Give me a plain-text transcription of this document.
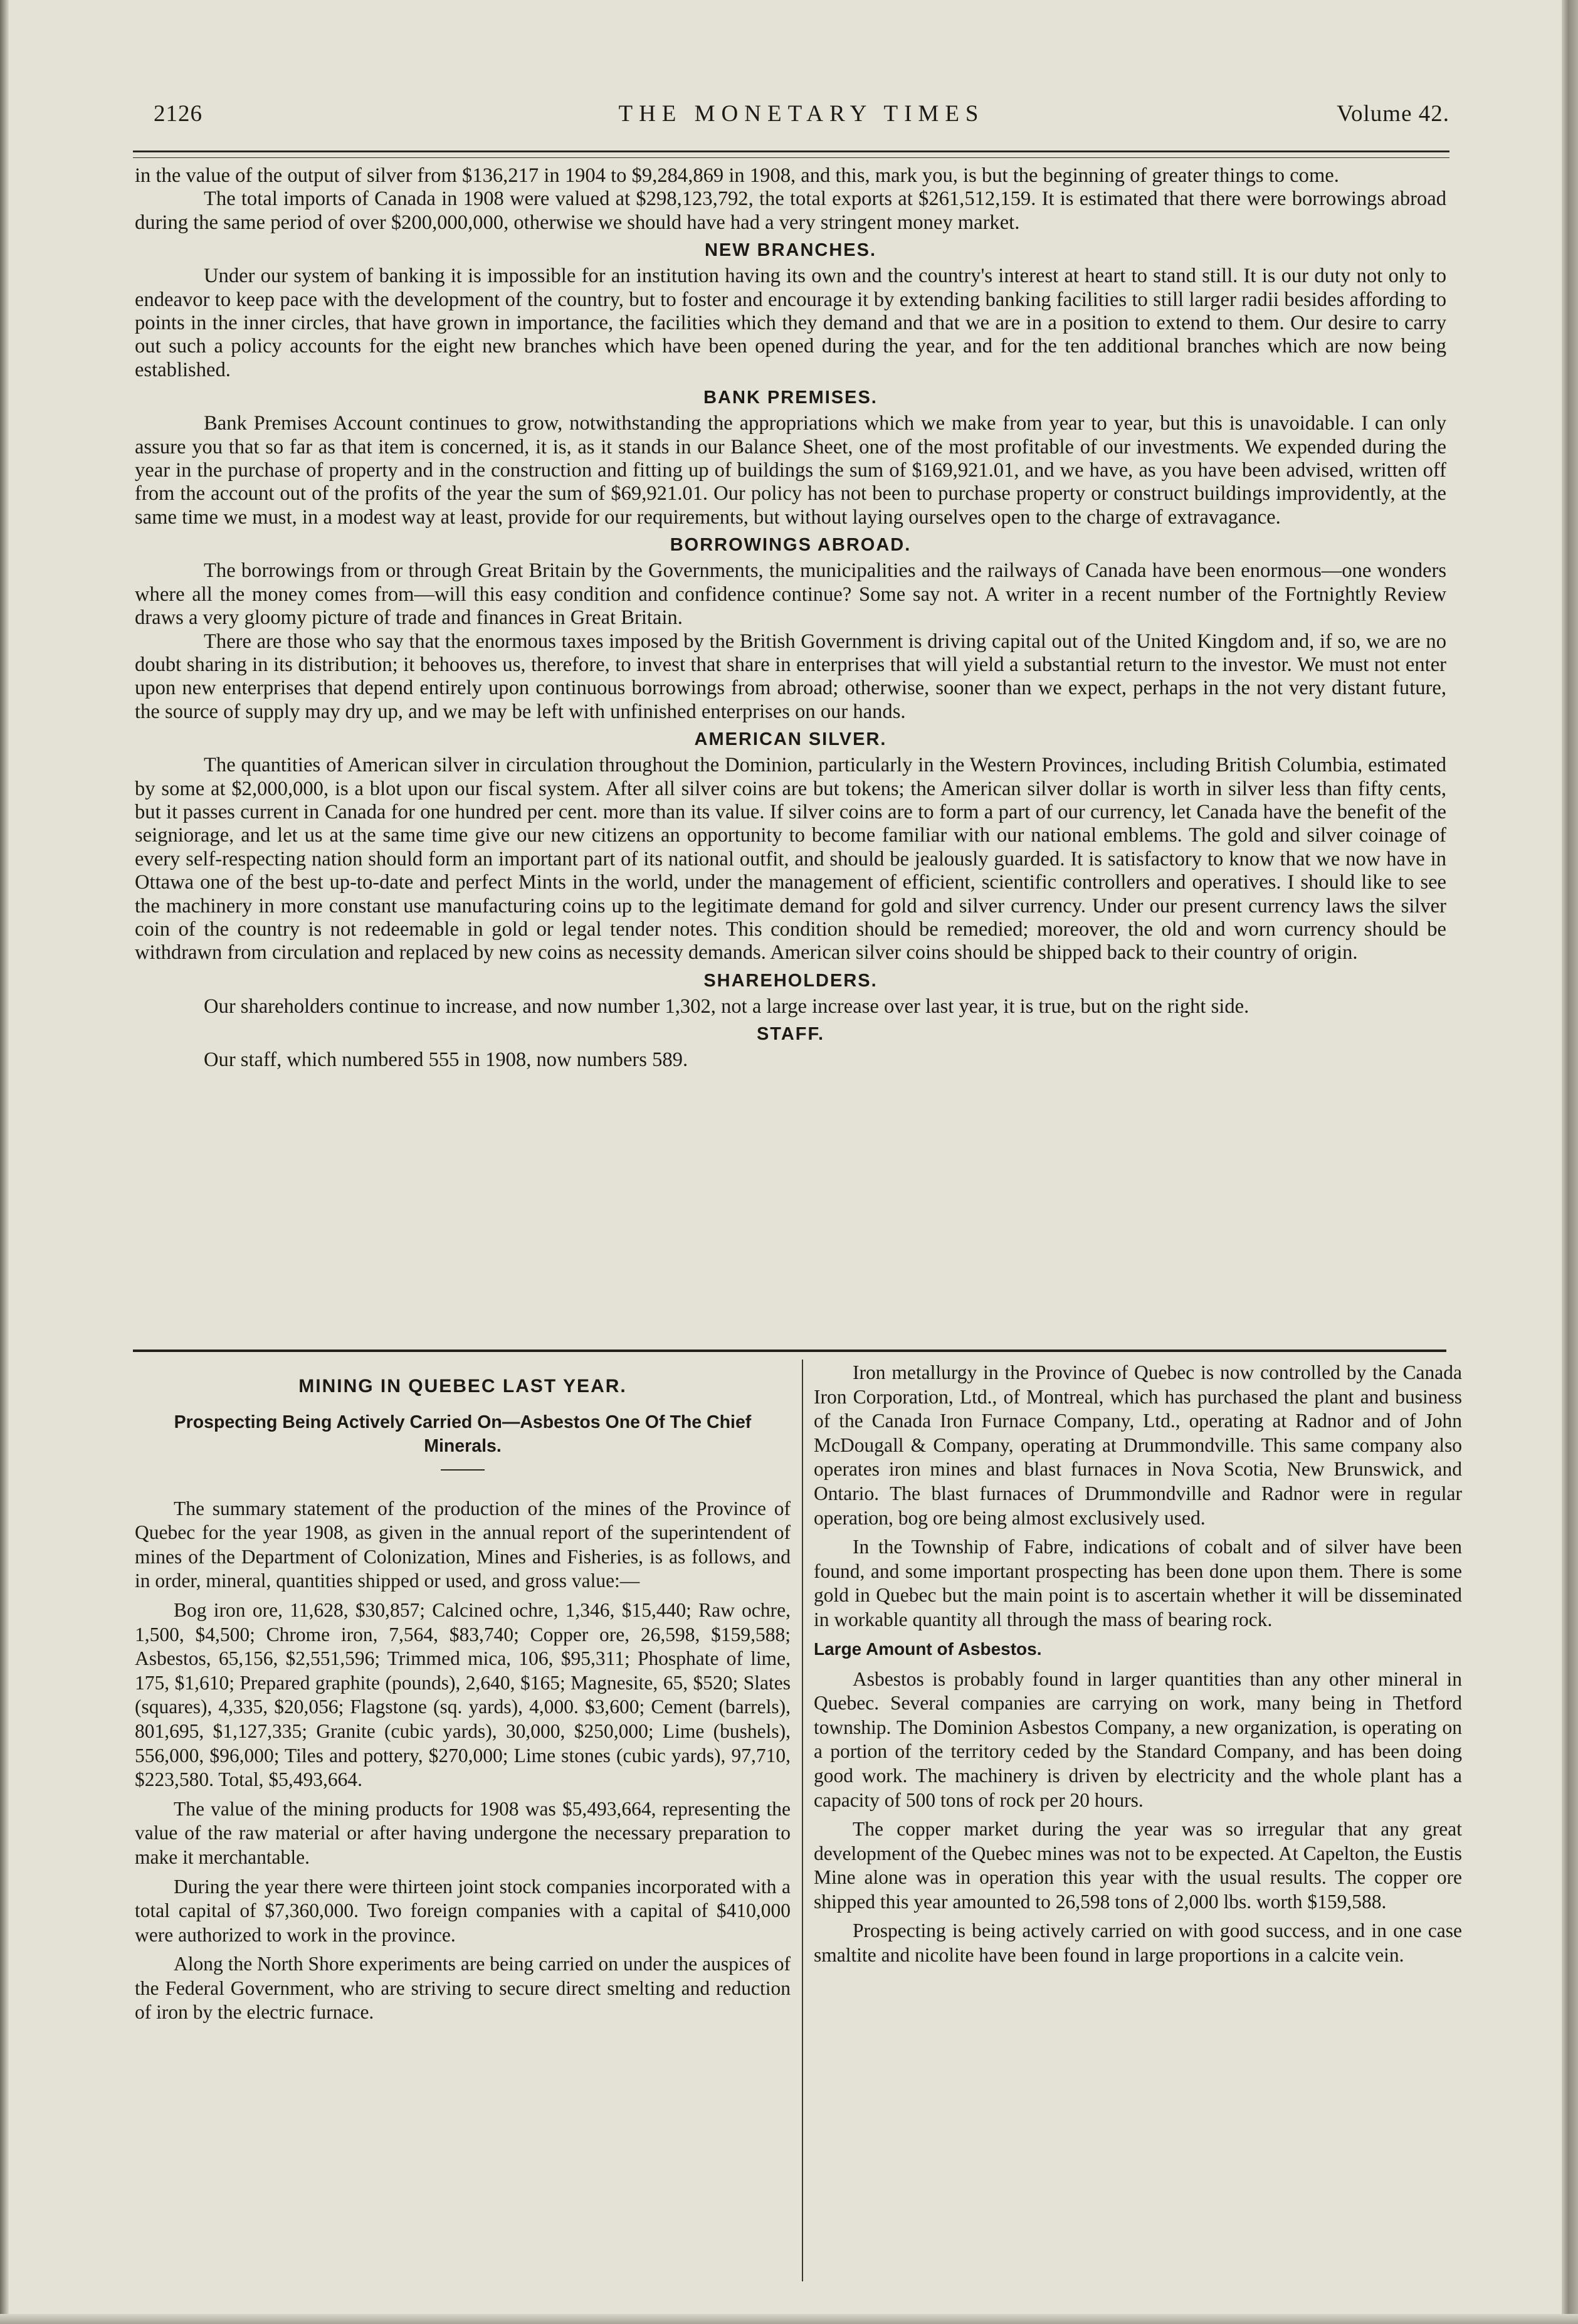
2126	THE MONETARY TIMES	Volume 42.

in the value of the output of silver from $136,217 in 1904 to $9,284,869 in 1908, and this, mark you, is but the beginning of greater things to come.

The total imports of Canada in 1908 were valued at $298,123,792, the total exports at $261,512,159. It is estimated that there were borrowings abroad during the same period of over $200,000,000, otherwise we should have had a very stringent money market.

NEW BRANCHES.

Under our system of banking it is impossible for an institution having its own and the country's interest at heart to stand still. It is our duty not only to endeavor to keep pace with the development of the country, but to foster and encourage it by extending banking facilities to still larger radii besides affording to points in the inner circles, that have grown in importance, the facilities which they demand and that we are in a position to extend to them. Our desire to carry out such a policy accounts for the eight new branches which have been opened during the year, and for the ten additional branches which are now being established.

BANK PREMISES.

Bank Premises Account continues to grow, notwithstanding the appropriations which we make from year to year, but this is unavoidable. I can only assure you that so far as that item is concerned, it is, as it stands in our Balance Sheet, one of the most profitable of our investments. We expended during the year in the purchase of property and in the construction and fitting up of buildings the sum of $169,921.01, and we have, as you have been advised, written off from the account out of the profits of the year the sum of $69,921.01. Our policy has not been to purchase property or construct buildings improvidently, at the same time we must, in a modest way at least, provide for our requirements, but without laying ourselves open to the charge of extravagance.

BORROWINGS ABROAD.

The borrowings from or through Great Britain by the Governments, the municipalities and the railways of Canada have been enormous—one wonders where all the money comes from—will this easy condition and confidence continue? Some say not. A writer in a recent number of the Fortnightly Review draws a very gloomy picture of trade and finances in Great Britain.

There are those who say that the enormous taxes imposed by the British Government is driving capital out of the United Kingdom and, if so, we are no doubt sharing in its distribution; it behooves us, therefore, to invest that share in enterprises that will yield a substantial return to the investor. We must not enter upon new enterprises that depend entirely upon continuous borrowings from abroad; otherwise, sooner than we expect, perhaps in the not very distant future, the source of supply may dry up, and we may be left with unfinished enterprises on our hands.

AMERICAN SILVER.

The quantities of American silver in circulation throughout the Dominion, particularly in the Western Provinces, including British Columbia, estimated by some at $2,000,000, is a blot upon our fiscal system. After all silver coins are but tokens; the American silver dollar is worth in silver less than fifty cents, but it passes current in Canada for one hundred per cent. more than its value. If silver coins are to form a part of our currency, let Canada have the benefit of the seigniorage, and let us at the same time give our new citizens an opportunity to become familiar with our national emblems. The gold and silver coinage of every self-respecting nation should form an important part of its national outfit, and should be jealously guarded. It is satisfactory to know that we now have in Ottawa one of the best up-to-date and perfect Mints in the world, under the management of efficient, scientific controllers and operatives. I should like to see the machinery in more constant use manufacturing coins up to the legitimate demand for gold and silver currency. Under our present currency laws the silver coin of the country is not redeemable in gold or legal tender notes. This condition should be remedied; moreover, the old and worn currency should be withdrawn from circulation and replaced by new coins as necessity demands. American silver coins should be shipped back to their country of origin.

SHAREHOLDERS.

Our shareholders continue to increase, and now number 1,302, not a large increase over last year, it is true, but on the right side.

STAFF.

Our staff, which numbered 555 in 1908, now numbers 589.

MINING IN QUEBEC LAST YEAR.
Prospecting Being Actively Carried On—Asbestos One Of The Chief Minerals.

The summary statement of the production of the mines of the Province of Quebec for the year 1908, as given in the annual report of the superintendent of mines of the Department of Colonization, Mines and Fisheries, is as follows, and in order, mineral, quantities shipped or used, and gross value:—

Bog iron ore, 11,628, $30,857; Calcined ochre, 1,346, $15,440; Raw ochre, 1,500, $4,500; Chrome iron, 7,564, $83,740; Copper ore, 26,598, $159,588; Asbestos, 65,156, $2,551,596; Trimmed mica, 106, $95,311; Phosphate of lime, 175, $1,610; Prepared graphite (pounds), 2,640, $165; Magnesite, 65, $520; Slates (squares), 4,335, $20,056; Flagstone (sq. yards), 4,000. $3,600; Cement (barrels), 801,695, $1,127,335; Granite (cubic yards), 30,000, $250,000; Lime (bushels), 556,000, $96,000; Tiles and pottery, $270,000; Lime stones (cubic yards), 97,710, $223,580. Total, $5,493,664.

The value of the mining products for 1908 was $5,493,664, representing the value of the raw material or after having undergone the necessary preparation to make it merchantable.

During the year there were thirteen joint stock companies incorporated with a total capital of $7,360,000. Two foreign companies with a capital of $410,000 were authorized to work in the province.

Along the North Shore experiments are being carried on under the auspices of the Federal Government, who are striving to secure direct smelting and reduction of iron by the electric furnace.

Iron metallurgy in the Province of Quebec is now controlled by the Canada Iron Corporation, Ltd., of Montreal, which has purchased the plant and business of the Canada Iron Furnace Company, Ltd., operating at Radnor and of John McDougall & Company, operating at Drummondville. This same company also operates iron mines and blast furnaces in Nova Scotia, New Brunswick, and Ontario. The blast furnaces of Drummondville and Radnor were in regular operation, bog ore being almost exclusively used.

In the Township of Fabre, indications of cobalt and of silver have been found, and some important prospecting has been done upon them. There is some gold in Quebec but the main point is to ascertain whether it will be disseminated in workable quantity all through the mass of bearing rock.

Large Amount of Asbestos.

Asbestos is probably found in larger quantities than any other mineral in Quebec. Several companies are carrying on work, many being in Thetford township. The Dominion Asbestos Company, a new organization, is operating on a portion of the territory ceded by the Standard Company, and has been doing good work. The machinery is driven by electricity and the whole plant has a capacity of 500 tons of rock per 20 hours.

The copper market during the year was so irregular that any great development of the Quebec mines was not to be expected. At Capelton, the Eustis Mine alone was in operation this year with the usual results. The copper ore shipped this year amounted to 26,598 tons of 2,000 lbs. worth $159,588.

Prospecting is being actively carried on with good success, and in one case smaltite and nicolite have been found in large proportions in a calcite vein.
